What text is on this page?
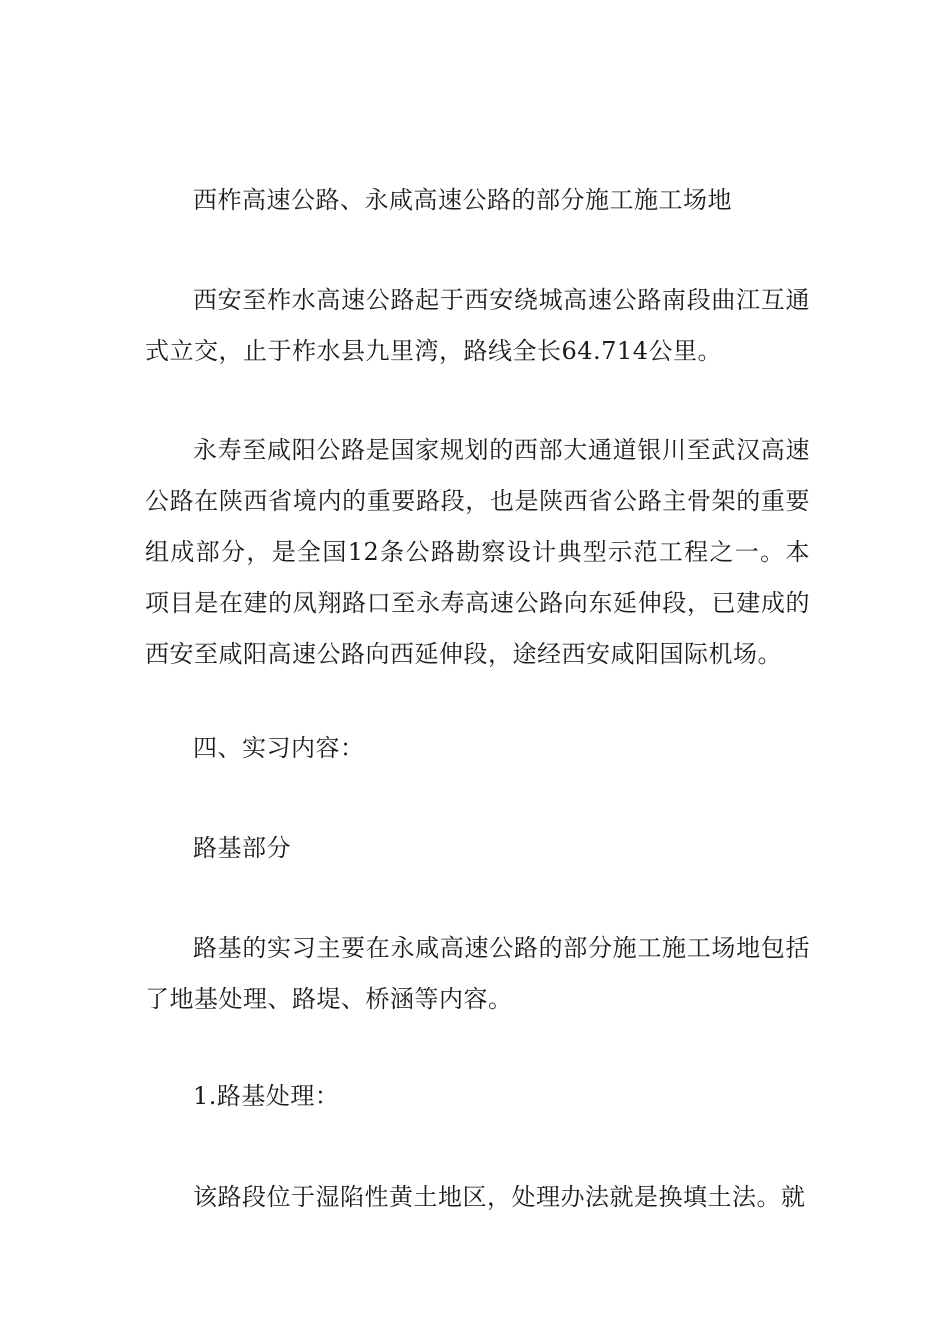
西柞高速公路、永咸高速公路的部分施工施工场地

西安至柞水高速公路起于西安绕城高速公路南段曲江互通式立交，止于柞水县九里湾，路线全长64.714公里。

永寿至咸阳公路是国家规划的西部大通道银川至武汉高速公路在陕西省境内的重要路段，也是陕西省公路主骨架的重要组成部分，是全国12条公路勘察设计典型示范工程之一。本项目是在建的凤翔路口至永寿高速公路向东延伸段，已建成的西安至咸阳高速公路向西延伸段，途经西安咸阳国际机场。

四、实习内容：

路基部分

路基的实习主要在永咸高速公路的部分施工施工场地包括了地基处理、路堤、桥涵等内容。

1.路基处理：

该路段位于湿陷性黄土地区，处理办法就是换填土法。就
